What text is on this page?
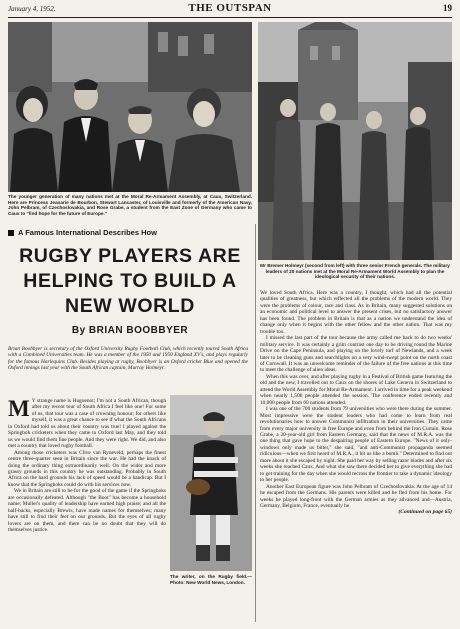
January 4, 1952.	THE OUTSPAN	19
The younger generation of many nations met at the Moral Re-Armament Assembly, at Caux, Switzerland. Here are Princess Jeanarie de Bourbon, Stewart Lancaster, of Louisville and formerly of the American Navy, John Pelbram, of Czechoslovakia, and Rose Grabe, a student from the East Zone of Germany who came to Caux to "find hope for the future of Europe."
Mr Bremer Holmeyr (second from left) with three senior French generals. The military leaders of 20 nations met at the Moral Re-Armament World Assembly to plan the ideological security of their nations.
A Famous International Describes How
RUGBY PLAYERS ARE
HELPING TO BUILD A
NEW WORLD
By BRIAN BOOBBYER
Brian Boobbyer is secretary of the Oxford University Rugby Football Club, which recently toured South Africa with a Combined Universities team. He was a member of the 1950 and 1950 England XV's, and plays regularly for the famous Harlequins Club. Besides playing at rugby, Boobbyer is an Oxford cricket Blue and opened the Oxford innings last year with the South African captain, Murray Holmeyr.
The writer, on the Rugby field.—Photo: New World News, London.

M Y strange name is Huguenot; I'm not a South African, though after my recent tour of South Africa I feel like one! For some of us, that tour was a case of crowning honour; for others like myself, it was a great chance to see if what the South Africans in Oxford had told us about their country was true! I played against the Springbok cricketers when they came to Oxford last May, and they told us we would find them fine people. And they were right. We did, and also met a country that loved rugby football.

Among those cricketers was Clive van Ryneveld, perhaps the finest centre three-quarter seen in Britain since the war. He had the knack of doing the ordinary thing extraordinarily well. On the wider and more grassy grounds in this country he was outstanding. Probably in South Africa on the hard grounds his lack of speed would be a handicap. But I know that the Springboks could do with his services now.

We in Britain are still to be for the good of the game if the Springboks are occasionally defeated. Although "the Boot" has become a household name; Muller's quality of leadership have earned high praise; and all the half-backs, especially Brewis, have made names for themselves; many have still to find their feet on our grounds. But the eyes of all rugby lovers are on them, and there can be no doubt that they will do themselves justice.

We loved South Africa. Here was a country, I thought, which had all the potential qualities of greatness, but which reflected all the problems of the modern world. They were the problems of colour, race and class. As in Britain, many suggested solutions on an economic and political level to answer the present crises, but no satisfactory answer has been found. The problem in Britain is that as a nation we understand the idea of change only when it begins with the other fellow and the other nation. That was my trouble too.

I missed the last part of the tour because the army called me back to do two weeks' military service. It was certainly a grim contrast one day to be driving round the Marine Drive on the Cape Peninsula, and playing on the lovely turf of Newlands, and a week later to be cleaning guns and searchlights on a very wind-swept point on the north coast of Cornwall. It was an unwelcome reminder of the failure of the free nations at this time to meet the challenge of alien ideas.

When this was over, and after playing rugby in a Festival of British game featuring the old and the new, I travelled out to Caux on the shores of Lake Geneva in Switzerland to attend the World Assembly for Moral Re-Armament. I arrived in time for a peak weekend when nearly 1,500 people attended the session. The conference ended recently and 10,000 people from 60 nations attended.

I was one of the 700 students from 79 universities who were there during the summer. Most impressive were the student leaders who had come to learn from real revolutionaries how to answer Communist infiltration in their universities. They came from every major university in free Europe and even from behind the Iron Curtain. Rose Grabe, a 20-year-old girl from Eastern Germany, said that the news of M.R.A. was the one thing that gave hope to the despairing people of Eastern Europe. "News of it only-windows only made us bitter," she said, "and anti-Communist propaganda seemed ridiculous—when we first heard of M.R.A., it hit us like a bomb." Determined to find out more about it she escaped by night. She paid her way by selling razor blades and after six weeks she reached Caux. And what she saw there decided her to give everything she had to get training for the day when she would recross the frontier to take a dynamic ideology to her people.

Another East European figure was John Pelbram of Czechoslovakia. At the age of 14 he escaped from the Germans. His parents were killed and he fled from his home. For weeks he played long-front with the German armies as they advanced and—Austria, Germany, Belgium, France, eventually he

(Continued on page 65)
